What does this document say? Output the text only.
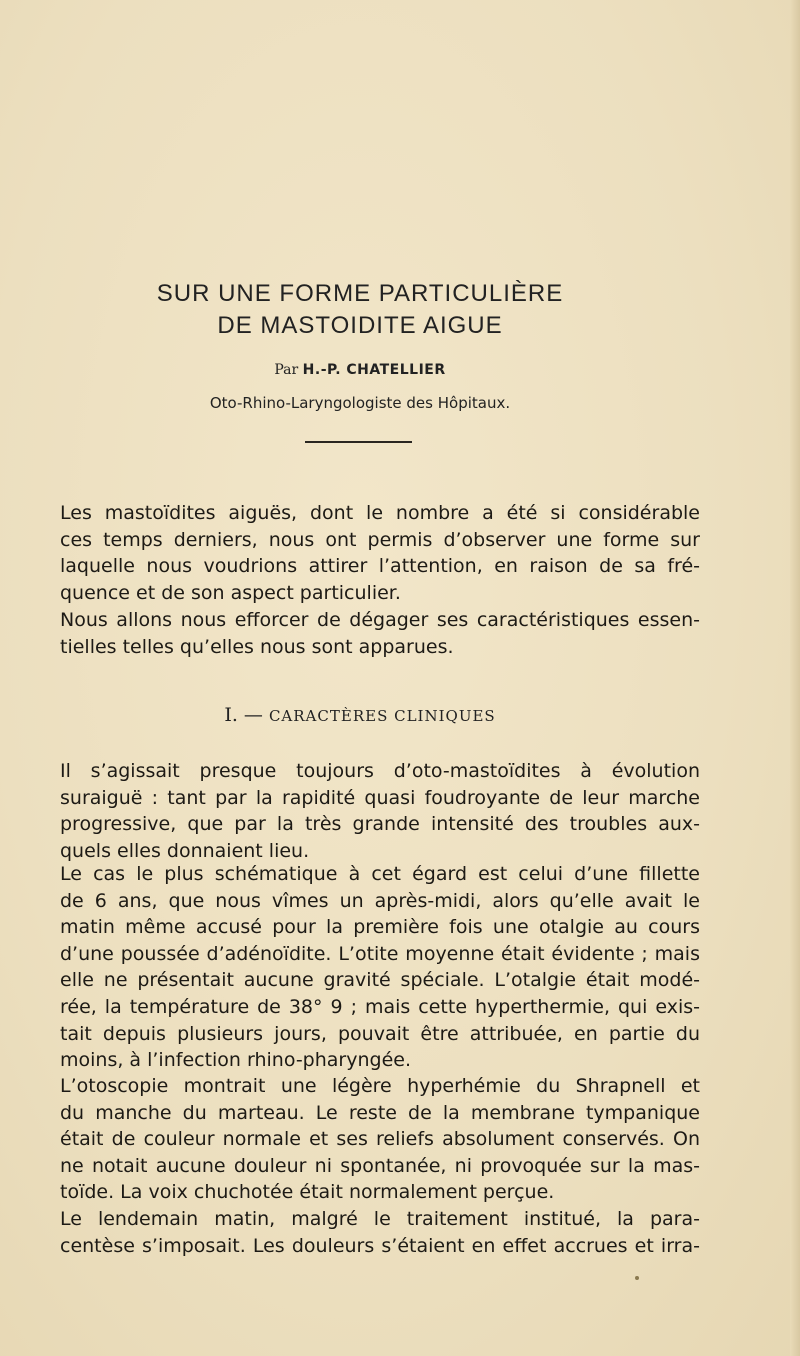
SUR UNE FORME PARTICULIÈRE
DE MASTOIDITE AIGUE
Par H.-P. CHATELLIER
Oto-Rhino-Laryngologiste des Hôpitaux.
Les mastoïdites aiguës, dont le nombre a été si considérable
ces temps derniers, nous ont permis d’observer une forme sur
laquelle nous voudrions attirer l’attention, en raison de sa fré-
quence et de son aspect particulier.
Nous allons nous efforcer de dégager ses caractéristiques essen-
tielles telles qu’elles nous sont apparues.
I. — CARACTÈRES CLINIQUES
Il s’agissait presque toujours d’oto-mastoïdites à évolution
suraiguë : tant par la rapidité quasi foudroyante de leur marche
progressive, que par la très grande intensité des troubles aux-
quels elles donnaient lieu.
Le cas le plus schématique à cet égard est celui d’une fillette
de 6 ans, que nous vîmes un après-midi, alors qu’elle avait le
matin même accusé pour la première fois une otalgie au cours
d’une poussée d’adénoïdite. L’otite moyenne était évidente ; mais
elle ne présentait aucune gravité spéciale. L’otalgie était modé-
rée, la température de 38° 9 ; mais cette hyperthermie, qui exis-
tait depuis plusieurs jours, pouvait être attribuée, en partie du
moins, à l’infection rhino-pharyngée.
L’otoscopie montrait une légère hyperhémie du Shrapnell et
du manche du marteau. Le reste de la membrane tympanique
était de couleur normale et ses reliefs absolument conservés. On
ne notait aucune douleur ni spontanée, ni provoquée sur la mas-
toïde. La voix chuchotée était normalement perçue.
Le lendemain matin, malgré le traitement institué, la para-
centèse s’imposait. Les douleurs s’étaient en effet accrues et irra-
